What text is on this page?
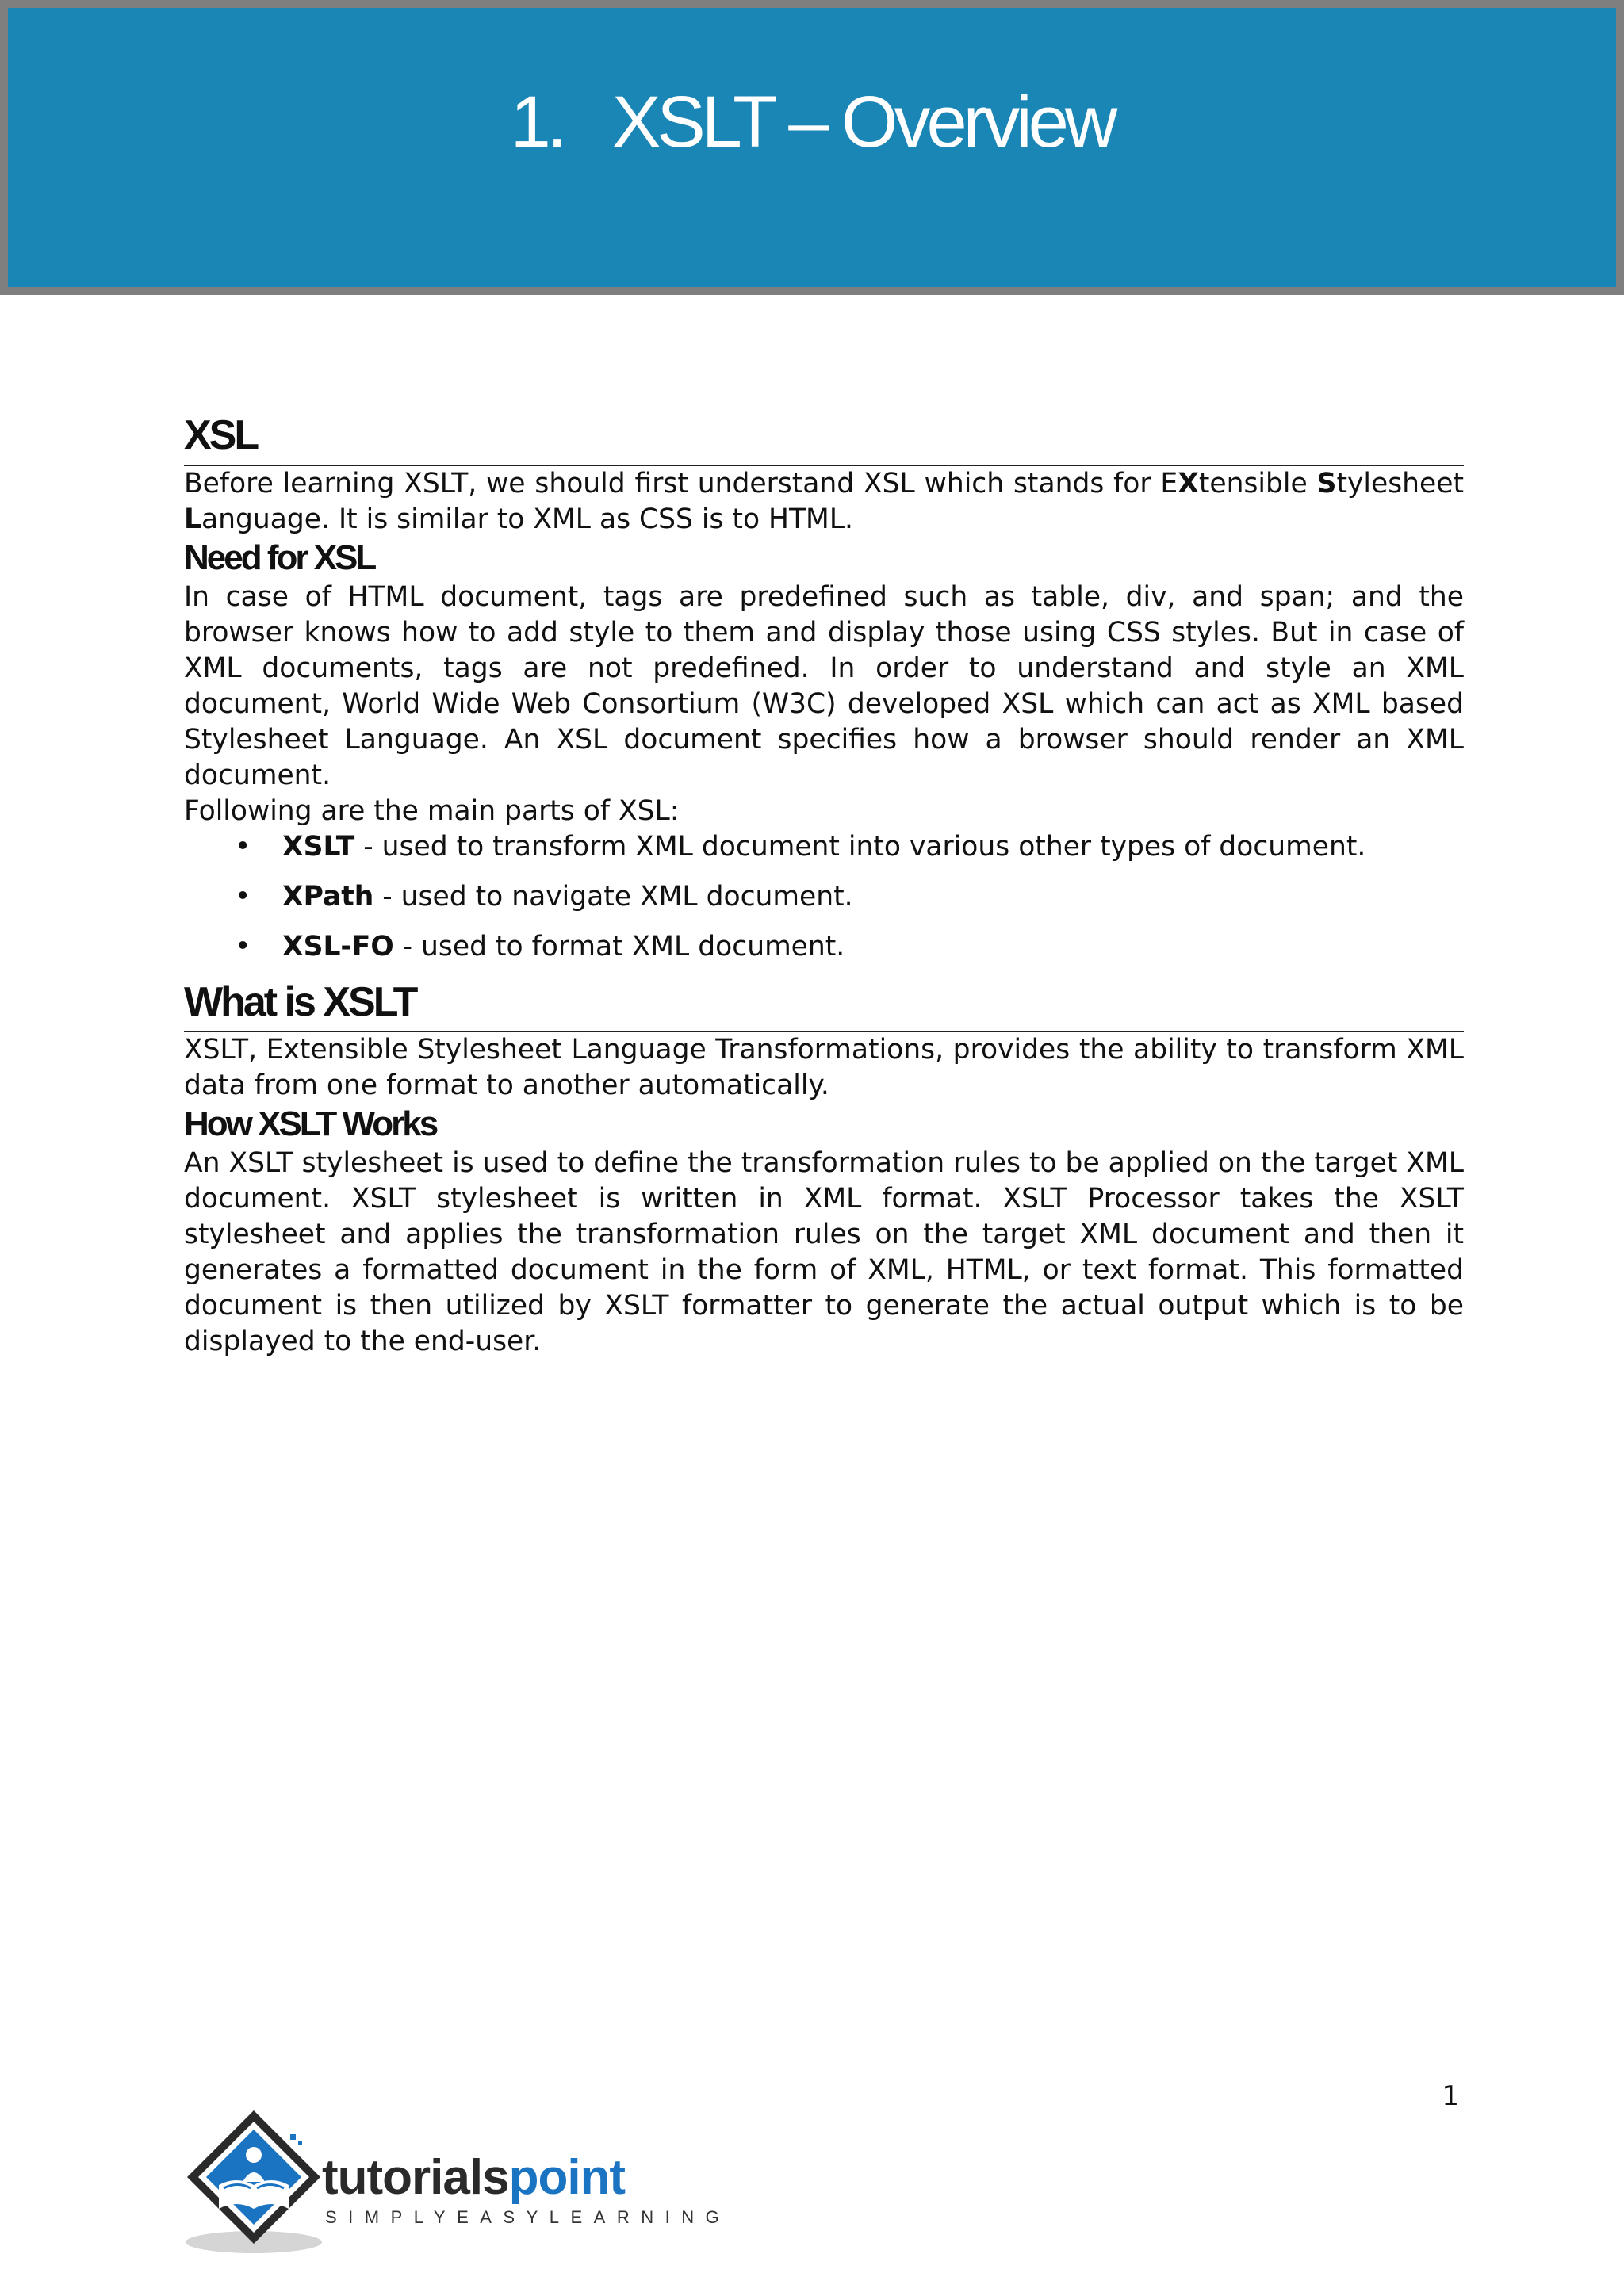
1.   XSLT – Overview
XSL

Before learning XSLT, we should first understand XSL which stands for EXtensible Stylesheet Language. It is similar to XML as CSS is to HTML.

Need for XSL

In case of HTML document, tags are predefined such as table, div, and span; and the browser knows how to add style to them and display those using CSS styles. But in case of XML documents, tags are not predefined. In order to understand and style an XML document, World Wide Web Consortium (W3C) developed XSL which can act as XML based Stylesheet Language. An XSL document specifies how a browser should render an XML document.

Following are the main parts of XSL:

• XSLT - used to transform XML document into various other types of document.
• XPath - used to navigate XML document.
• XSL-FO - used to format XML document.
What is XSLT

XSLT, Extensible Stylesheet Language Transformations, provides the ability to transform XML data from one format to another automatically.

How XSLT Works

An XSLT stylesheet is used to define the transformation rules to be applied on the target XML document. XSLT stylesheet is written in XML format. XSLT Processor takes the XSLT stylesheet and applies the transformation rules on the target XML document and then it generates a formatted document in the form of XML, HTML, or text format. This formatted document is then utilized by XSLT formatter to generate the actual output which is to be displayed to the end-user.

1
tutorialspoint
SIMPLYEASYLEARNING
